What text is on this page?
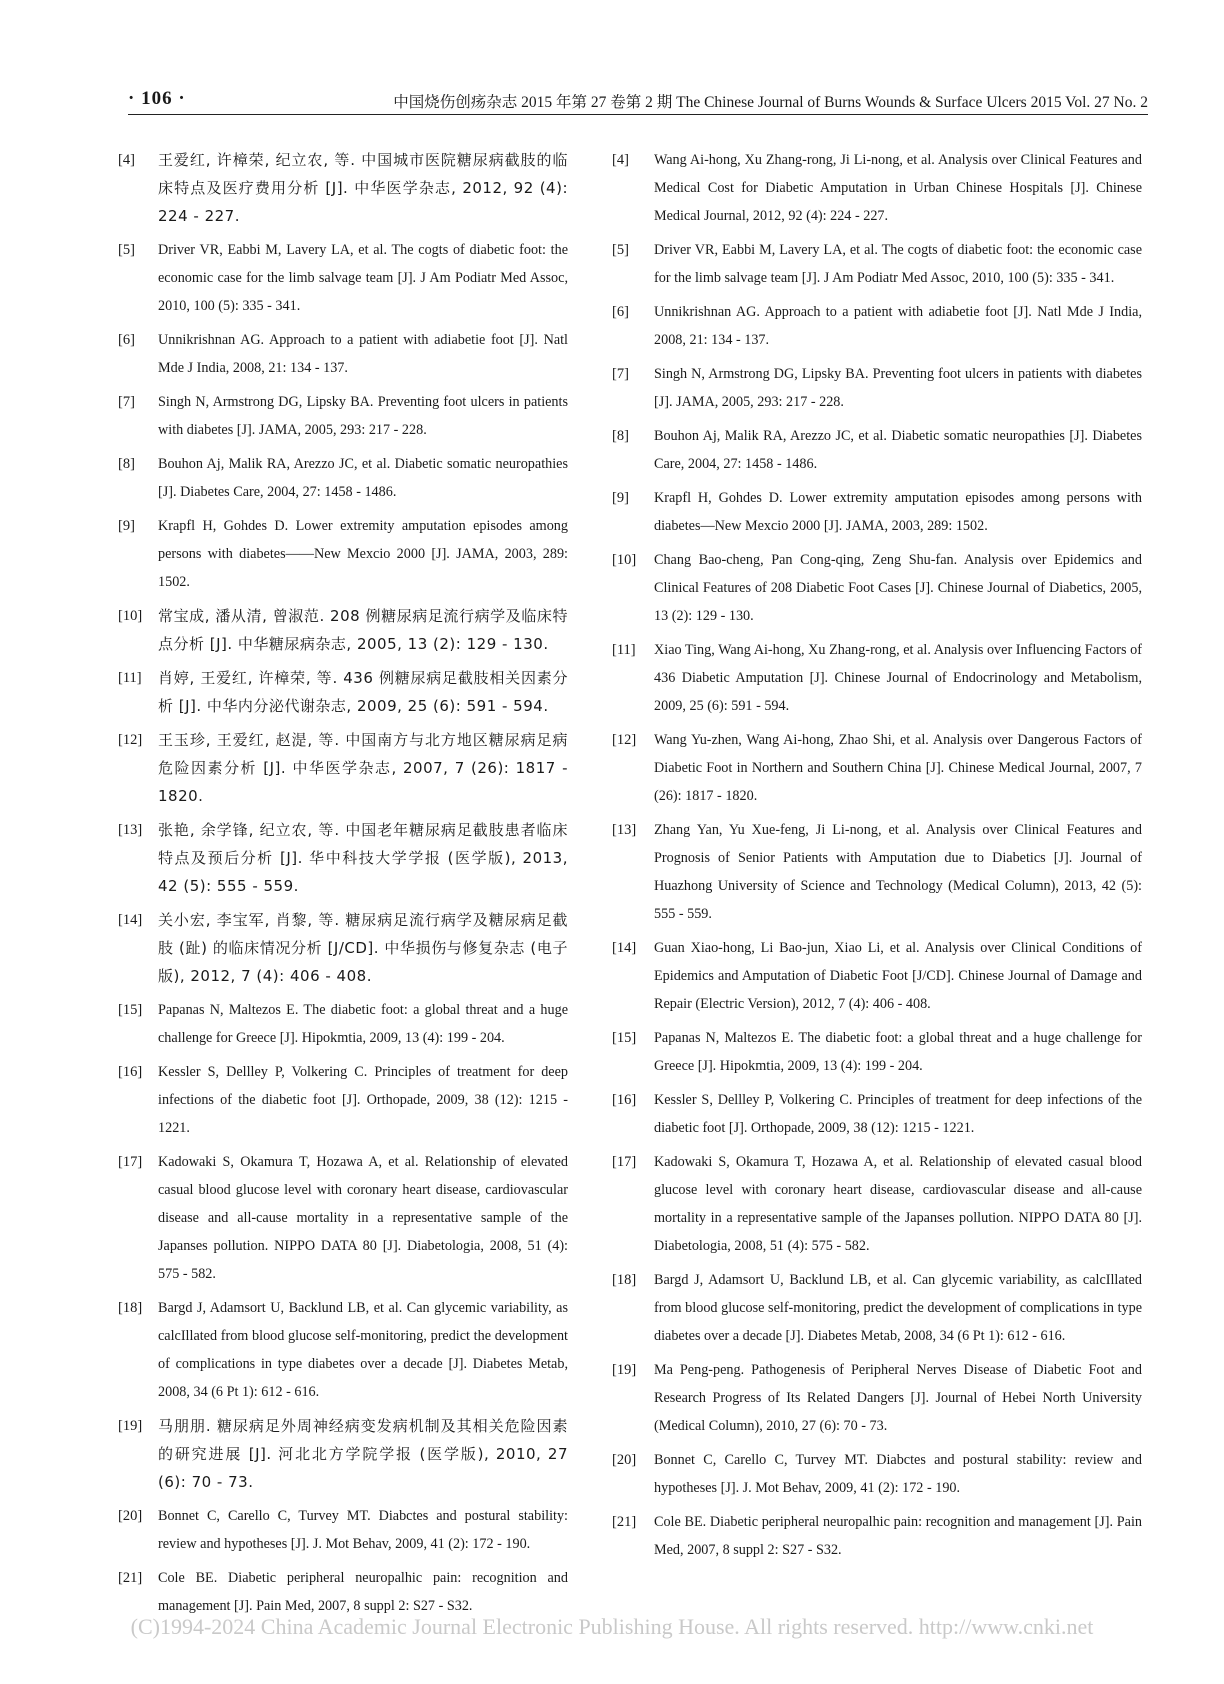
· 106 ·	中国烧伤创疡杂志 2015 年第 27 卷第 2 期 The Chinese Journal of Burns Wounds & Surface Ulcers 2015 Vol. 27 No. 2
[4]	王爱红, 许樟荣, 纪立农, 等. 中国城市医院糖尿病截肢的临床特点及医疗费用分析 [J]. 中华医学杂志, 2012, 92 (4): 224 - 227.
[5]	Driver VR, Eabbi M, Lavery LA, et al. The cogts of diabetic foot: the economic case for the limb salvage team [J]. J Am Podiatr Med Assoc, 2010, 100 (5): 335 - 341.
[6]	Unnikrishnan AG. Approach to a patient with adiabetie foot [J]. Natl Mde J India, 2008, 21: 134 - 137.
[7]	Singh N, Armstrong DG, Lipsky BA. Preventing foot ulcers in patients with diabetes [J]. JAMA, 2005, 293: 217 - 228.
[8]	Bouhon Aj, Malik RA, Arezzo JC, et al. Diabetic somatic neuropathies [J]. Diabetes Care, 2004, 27: 1458 - 1486.
[9]	Krapfl H, Gohdes D. Lower extremity amputation episodes among persons with diabetes——New Mexcio 2000 [J]. JAMA, 2003, 289: 1502.
[10]	常宝成, 潘从清, 曾淑范. 208 例糖尿病足流行病学及临床特点分析 [J]. 中华糖尿病杂志, 2005, 13 (2): 129 - 130.
[11]	肖婷, 王爱红, 许樟荣, 等. 436 例糖尿病足截肢相关因素分析 [J]. 中华内分泌代谢杂志, 2009, 25 (6): 591 - 594.
[12]	王玉珍, 王爱红, 赵湜, 等. 中国南方与北方地区糖尿病足病危险因素分析 [J]. 中华医学杂志, 2007, 7 (26): 1817 - 1820.
[13]	张艳, 余学锋, 纪立农, 等. 中国老年糖尿病足截肢患者临床特点及预后分析 [J]. 华中科技大学学报 (医学版), 2013, 42 (5): 555 - 559.
[14]	关小宏, 李宝军, 肖黎, 等. 糖尿病足流行病学及糖尿病足截肢 (趾) 的临床情况分析 [J/CD]. 中华损伤与修复杂志 (电子版), 2012, 7 (4): 406 - 408.
[15]	Papanas N, Maltezos E. The diabetic foot: a global threat and a huge challenge for Greece [J]. Hipokmtia, 2009, 13 (4): 199 - 204.
[16]	Kessler S, Dellley P, Volkering C. Principles of treatment for deep infections of the diabetic foot [J]. Orthopade, 2009, 38 (12): 1215 - 1221.
[17]	Kadowaki S, Okamura T, Hozawa A, et al. Relationship of elevated casual blood glucose level with coronary heart disease, cardiovascular disease and all-cause mortality in a representative sample of the Japanses pollution. NIPPO DATA 80 [J]. Diabetologia, 2008, 51 (4): 575 - 582.
[18]	Bargd J, Adamsort U, Backlund LB, et al. Can glycemic variability, as calcIllated from blood glucose self-monitoring, predict the development of complications in type diabetes over a decade [J]. Diabetes Metab, 2008, 34 (6 Pt 1): 612 - 616.
[19]	马朋朋. 糖尿病足外周神经病变发病机制及其相关危险因素的研究进展 [J]. 河北北方学院学报 (医学版), 2010, 27 (6): 70 - 73.
[20]	Bonnet C, Carello C, Turvey MT. Diabctes and postural stability: review and hypotheses [J]. J. Mot Behav, 2009, 41 (2): 172 - 190.
[21]	Cole BE. Diabetic peripheral neuropalhic pain: recognition and management [J]. Pain Med, 2007, 8 suppl 2: S27 - S32.
[4]	Wang Ai-hong, Xu Zhang-rong, Ji Li-nong, et al. Analysis over Clinical Features and Medical Cost for Diabetic Amputation in Urban Chinese Hospitals [J]. Chinese Medical Journal, 2012, 92 (4): 224 - 227.
[5]	Driver VR, Eabbi M, Lavery LA, et al. The cogts of diabetic foot: the economic case for the limb salvage team [J]. J Am Podiatr Med Assoc, 2010, 100 (5): 335 - 341.
[6]	Unnikrishnan AG. Approach to a patient with adiabetie foot [J]. Natl Mde J India, 2008, 21: 134 - 137.
[7]	Singh N, Armstrong DG, Lipsky BA. Preventing foot ulcers in patients with diabetes [J]. JAMA, 2005, 293: 217 - 228.
[8]	Bouhon Aj, Malik RA, Arezzo JC, et al. Diabetic somatic neuropathies [J]. Diabetes Care, 2004, 27: 1458 - 1486.
[9]	Krapfl H, Gohdes D. Lower extremity amputation episodes among persons with diabetes—New Mexcio 2000 [J]. JAMA, 2003, 289: 1502.
[10]	Chang Bao-cheng, Pan Cong-qing, Zeng Shu-fan. Analysis over Epidemics and Clinical Features of 208 Diabetic Foot Cases [J]. Chinese Journal of Diabetics, 2005, 13 (2): 129 - 130.
[11]	Xiao Ting, Wang Ai-hong, Xu Zhang-rong, et al. Analysis over Influencing Factors of 436 Diabetic Amputation [J]. Chinese Journal of Endocrinology and Metabolism, 2009, 25 (6): 591 - 594.
[12]	Wang Yu-zhen, Wang Ai-hong, Zhao Shi, et al. Analysis over Dangerous Factors of Diabetic Foot in Northern and Southern China [J]. Chinese Medical Journal, 2007, 7 (26): 1817 - 1820.
[13]	Zhang Yan, Yu Xue-feng, Ji Li-nong, et al. Analysis over Clinical Features and Prognosis of Senior Patients with Amputation due to Diabetics [J]. Journal of Huazhong University of Science and Technology (Medical Column), 2013, 42 (5): 555 - 559.
[14]	Guan Xiao-hong, Li Bao-jun, Xiao Li, et al. Analysis over Clinical Conditions of Epidemics and Amputation of Diabetic Foot [J/CD]. Chinese Journal of Damage and Repair (Electric Version), 2012, 7 (4): 406 - 408.
[15]	Papanas N, Maltezos E. The diabetic foot: a global threat and a huge challenge for Greece [J]. Hipokmtia, 2009, 13 (4): 199 - 204.
[16]	Kessler S, Dellley P, Volkering C. Principles of treatment for deep infections of the diabetic foot [J]. Orthopade, 2009, 38 (12): 1215 - 1221.
[17]	Kadowaki S, Okamura T, Hozawa A, et al. Relationship of elevated casual blood glucose level with coronary heart disease, cardiovascular disease and all-cause mortality in a representative sample of the Japanses pollution. NIPPO DATA 80 [J]. Diabetologia, 2008, 51 (4): 575 - 582.
[18]	Bargd J, Adamsort U, Backlund LB, et al. Can glycemic variability, as calcIllated from blood glucose self-monitoring, predict the development of complications in type diabetes over a decade [J]. Diabetes Metab, 2008, 34 (6 Pt 1): 612 - 616.
[19]	Ma Peng-peng. Pathogenesis of Peripheral Nerves Disease of Diabetic Foot and Research Progress of Its Related Dangers [J]. Journal of Hebei North University (Medical Column), 2010, 27 (6): 70 - 73.
[20]	Bonnet C, Carello C, Turvey MT. Diabctes and postural stability: review and hypotheses [J]. J. Mot Behav, 2009, 41 (2): 172 - 190.
[21]	Cole BE. Diabetic peripheral neuropalhic pain: recognition and management [J]. Pain Med, 2007, 8 suppl 2: S27 - S32.
(C)1994-2024 China Academic Journal Electronic Publishing House. All rights reserved. http://www.cnki.net
